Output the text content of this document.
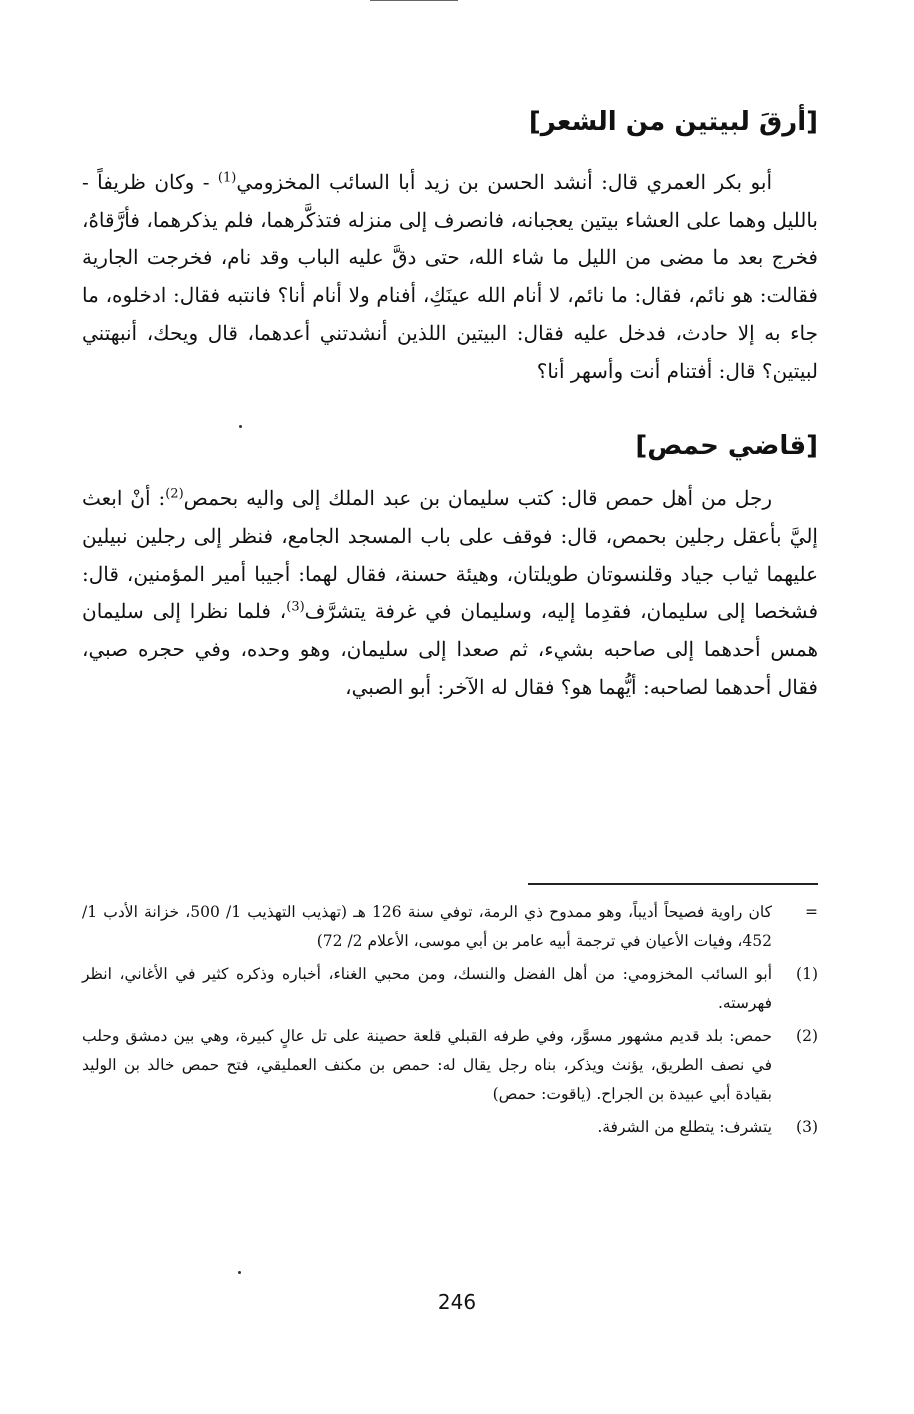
[أرقَ لبيتين من الشعر]

أبو بكر العمري قال: أنشد الحسن بن زيد أبا السائب المخزومي$^{(1)}$ - وكان ظريفاً - بالليل وهما على العشاء بيتين يعجبانه، فانصرف إلى منزله فتذكَّرهما، فلم يذكرهما، فأرَّقاهُ، فخرج بعد ما مضى من الليل ما شاء الله، حتى دقَّ عليه الباب وقد نام، فخرجت الجارية فقالت: هو نائم، فقال: ما نائم، لا أنام الله عينَكِ، أفنام ولا أنام أنا؟ فانتبه فقال: ادخلوه، ما جاء به إلا حادث، فدخل عليه فقال: البيتين اللذين أنشدتني أعدهما، قال ويحك، أنبهتني لبيتين؟ قال: أفتنام أنت وأسهر أنا؟

[قاضي حمص]

رجل من أهل حمص قال: كتب سليمان بن عبد الملك إلى واليه بحمص$^{(2)}$: أنْ ابعث إليَّ بأعقل رجلين بحمص، قال: فوقف على باب المسجد الجامع، فنظر إلى رجلين نبيلين عليهما ثياب جياد وقلنسوتان طويلتان، وهيئة حسنة، فقال لهما: أجيبا أمير المؤمنين، قال: فشخصا إلى سليمان، فقدِما إليه، وسليمان في غرفة يتشرَّف$^{(3)}$، فلما نظرا إلى سليمان همس أحدهما إلى صاحبه بشيء، ثم صعدا إلى سليمان، وهو وحده، وفي حجره صبي، فقال أحدهما لصاحبه: أيُّهما هو؟ فقال له الآخر: أبو الصبي،

=
كان راوية فصيحاً أديباً، وهو ممدوح ذي الرمة، توفي سنة 126 هـ (تهذيب التهذيب 1/ 500، خزانة الأدب 1/ 452، وفيات الأعيان في ترجمة أبيه عامر بن أبي موسى، الأعلام 2/ 72)
(1)
أبو السائب المخزومي: من أهل الفضل والنسك، ومن محبي الغناء، أخباره وذكره كثير في الأغاني، انظر فهرسته.
(2)
حمص: بلد قديم مشهور مسوَّر، وفي طرفه القبلي قلعة حصينة على تل عالٍ كبيرة، وهي بين دمشق وحلب في نصف الطريق، يؤنث ويذكر، بناه رجل يقال له: حمص بن مكنف العمليقي، فتح حمص خالد بن الوليد بقيادة أبي عبيدة بن الجراح. (ياقوت: حمص)
(3)
يتشرف: يتطلع من الشرفة.
246
